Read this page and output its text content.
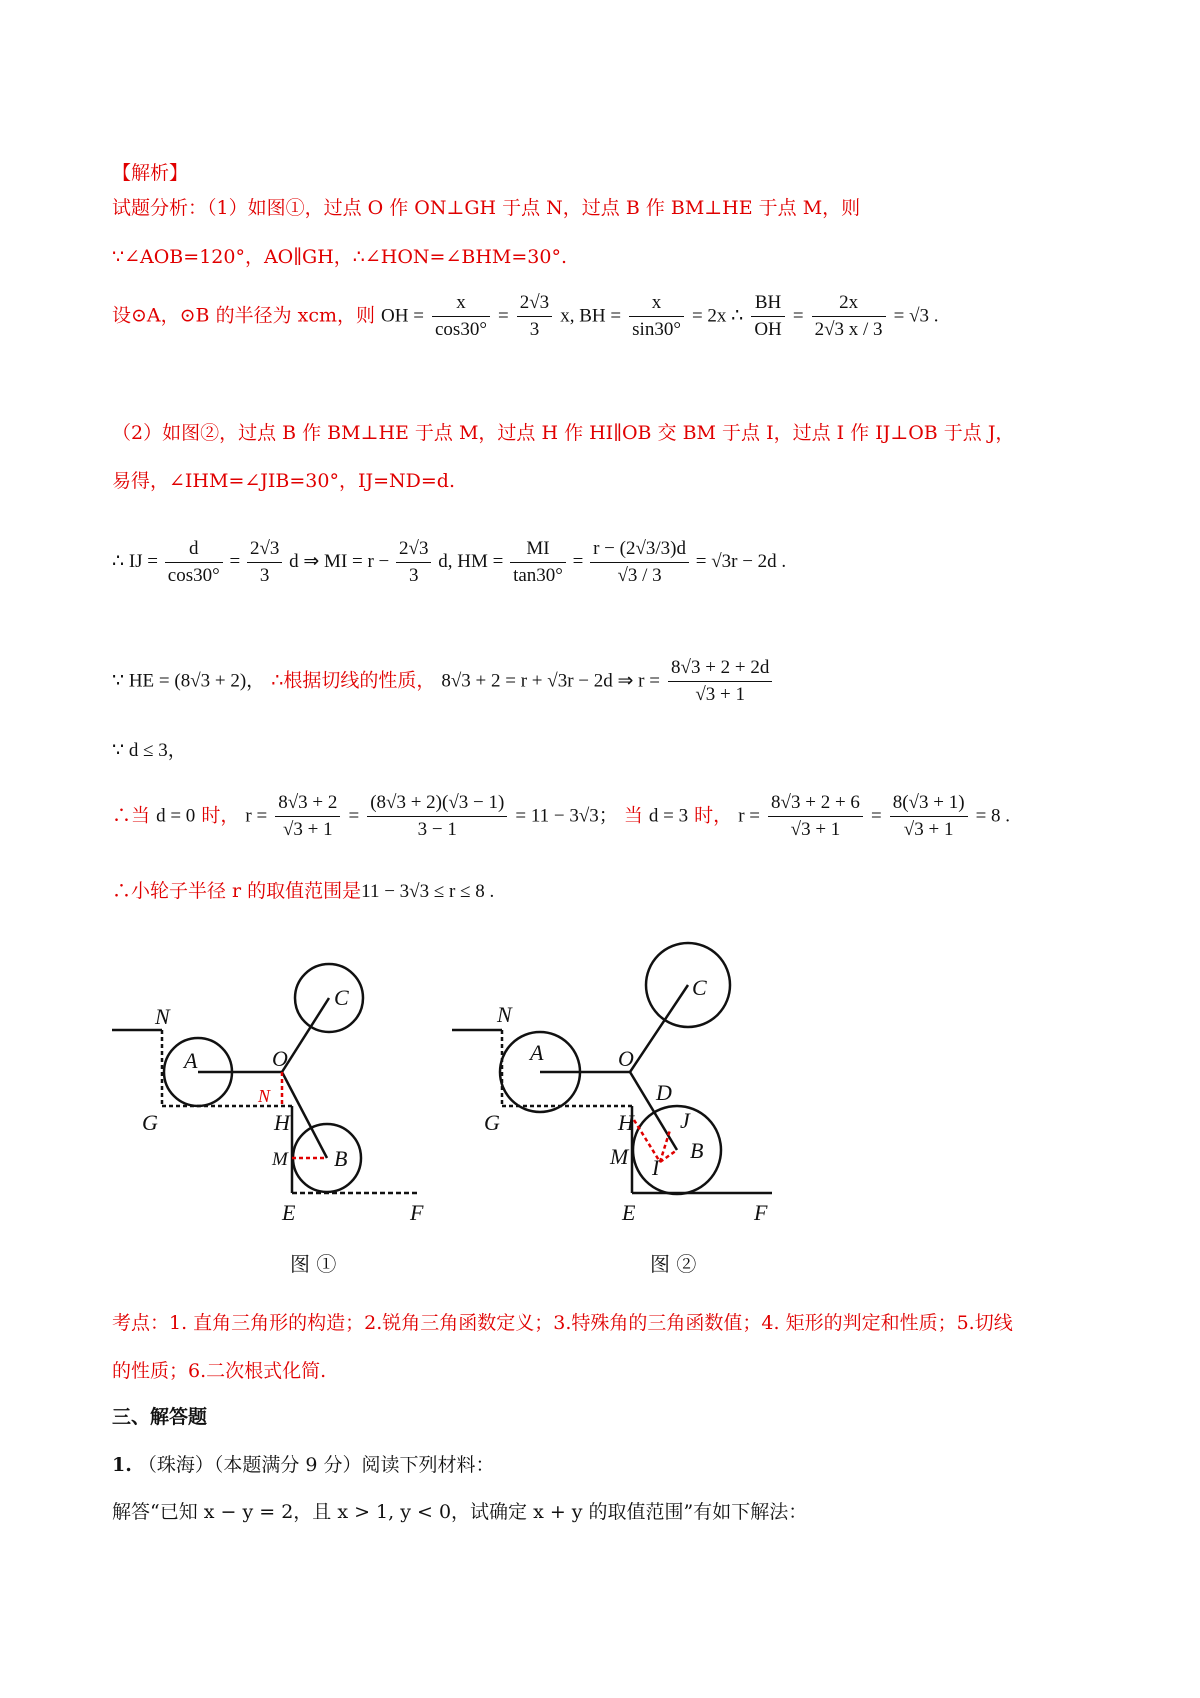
【解析】
试题分析：（1）如图①，过点 O 作 ON⊥GH 于点 N，过点 B 作 BM⊥HE 于点 M，则
∵∠AOB=120°，AO∥GH，∴∠HON=∠BHM=30°.
设⊙A，⊙B 的半径为 xcm，则 OH = $\frac{x}{\cos 30^\circ} = \frac{2√3}{3} x$, BH = $\frac{x}{\sin 30^\circ} = 2x$ ∴ $\frac{BH}{OH} = \frac{2x}{2√3 x / 3} = √3$ .
（2）如图②，过点 B 作 BM⊥HE 于点 M，过点 H 作 HI∥OB 交 BM 于点 I，过点 I 作 IJ⊥OB 于点 J，
易得，∠IHM=∠JIB=30°，IJ=ND=d.
∴ IJ = $\frac{d}{\cos 30^\circ} = \frac{2√3}{3}$ d ⇒ MI = $r - \frac{2√3}{3} d$, HM = $\frac{MI}{\tan 30^\circ} = \frac{r - (2√3/3)d}{√3 / 3} = √3r - 2d$ .
∵ HE = (8√3 + 2)， ∴根据切线的性质， 8√3 + 2 = r + √3r − 2d ⇒ $r = \frac{8√3 + 2 + 2d}{√3 + 1}$
∵ d ≤ 3，
∴当 d = 0 时， $r = \frac{8√3 + 2}{√3 + 1} = \frac{(8√3 + 2)(√3 - 1)}{3 - 1} = 11 - 3√3$； 当 d = 3 时， $r = \frac{8√3 + 2 + 6}{√3 + 1} = \frac{8(√3 + 1)}{√3 + 1} = 8$ .
∴小轮子半径 r 的取值范围是11 − 3√3 ≤ r ≤ 8 .
N
A	O
C
G	H
N
M B
E	F
N
A	O
C
D
G	H J
B
M I
E	F
图 ①	图 ②
考点：1. 直角三角形的构造；2.锐角三角函数定义；3.特殊角的三角函数值；4. 矩形的判定和性质；5.切线
的性质；6.二次根式化简.
三、解答题
1. （珠海）（本题满分 9 分）阅读下列材料：
解答“已知 x − y = 2，且 x > 1, y < 0，试确定 x + y 的取值范围”有如下解法：
